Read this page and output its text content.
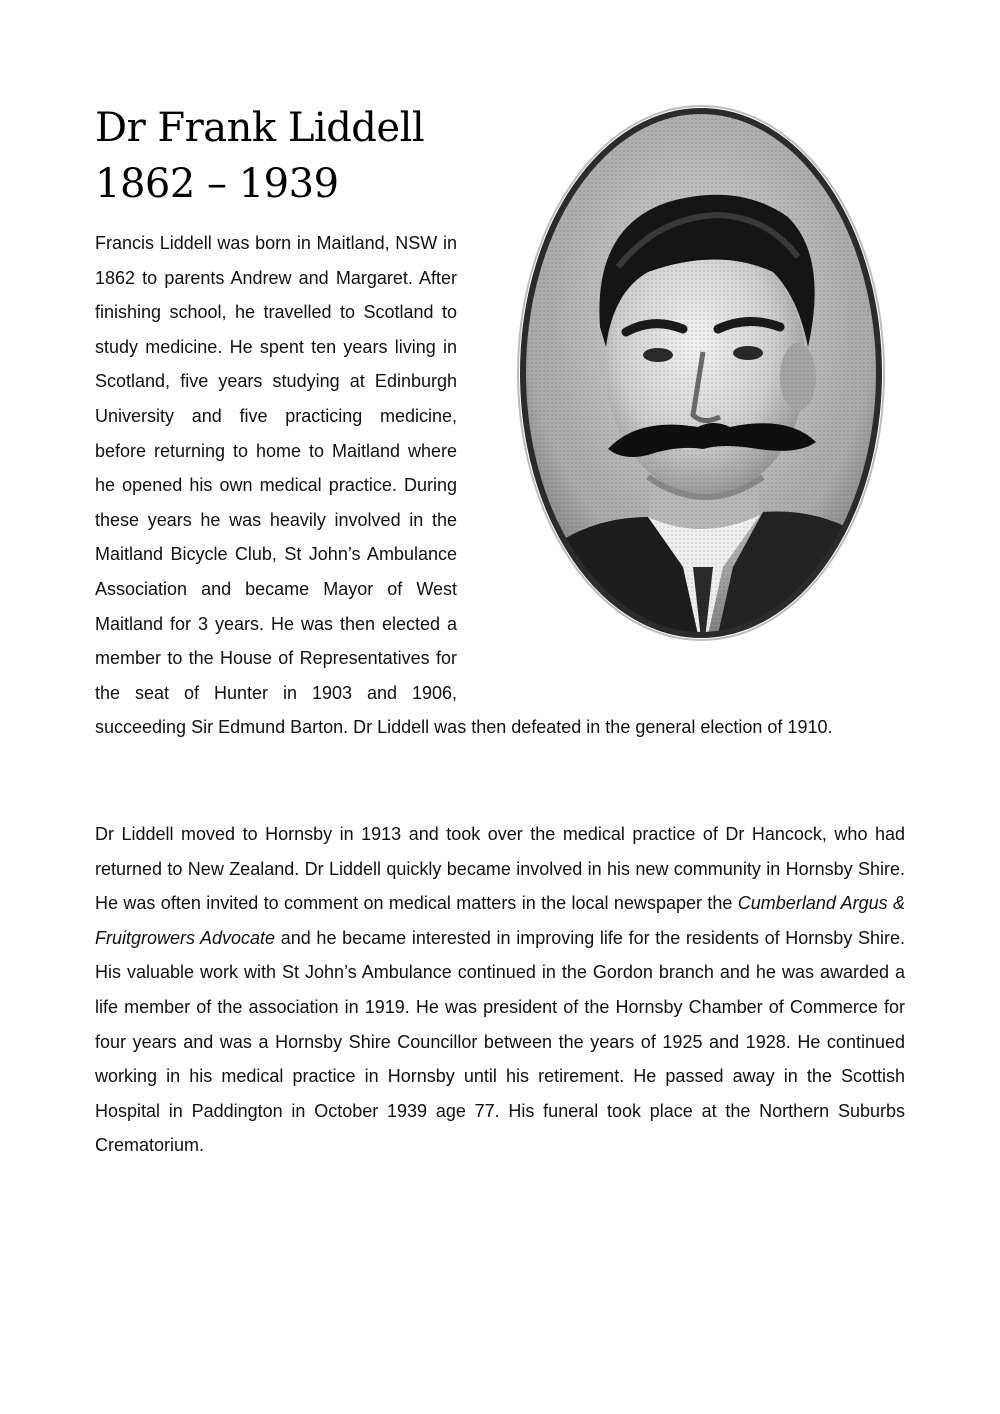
Dr Frank Liddell
1862 – 1939

Francis Liddell was born in Maitland, NSW in 1862 to parents Andrew and Margaret. After finishing school, he travelled to Scotland to study medicine. He spent ten years living in Scotland, five years studying at Edinburgh University and five practicing medicine, before returning to home to Maitland where he opened his own medical practice. During these years he was heavily involved in the Maitland Bicycle Club, St John’s Ambulance Association and became Mayor of West Maitland for 3 years. He was then elected a member to the House of Representatives for the seat of Hunter in 1903 and 1906, succeeding Sir Edmund Barton. Dr Liddell was then defeated in the general election of 1910.

Dr Liddell moved to Hornsby in 1913 and took over the medical practice of Dr Hancock, who had returned to New Zealand. Dr Liddell quickly became involved in his new community in Hornsby Shire. He was often invited to comment on medical matters in the local newspaper the Cumberland Argus & Fruitgrowers Advocate and he became interested in improving life for the residents of Hornsby Shire. His valuable work with St John’s Ambulance continued in the Gordon branch and he was awarded a life member of the association in 1919. He was president of the Hornsby Chamber of Commerce for four years and was a Hornsby Shire Councillor between the years of 1925 and 1928. He continued working in his medical practice in Hornsby until his retirement. He passed away in the Scottish Hospital in Paddington in October 1939 age 77. His funeral took place at the Northern Suburbs Crematorium.
